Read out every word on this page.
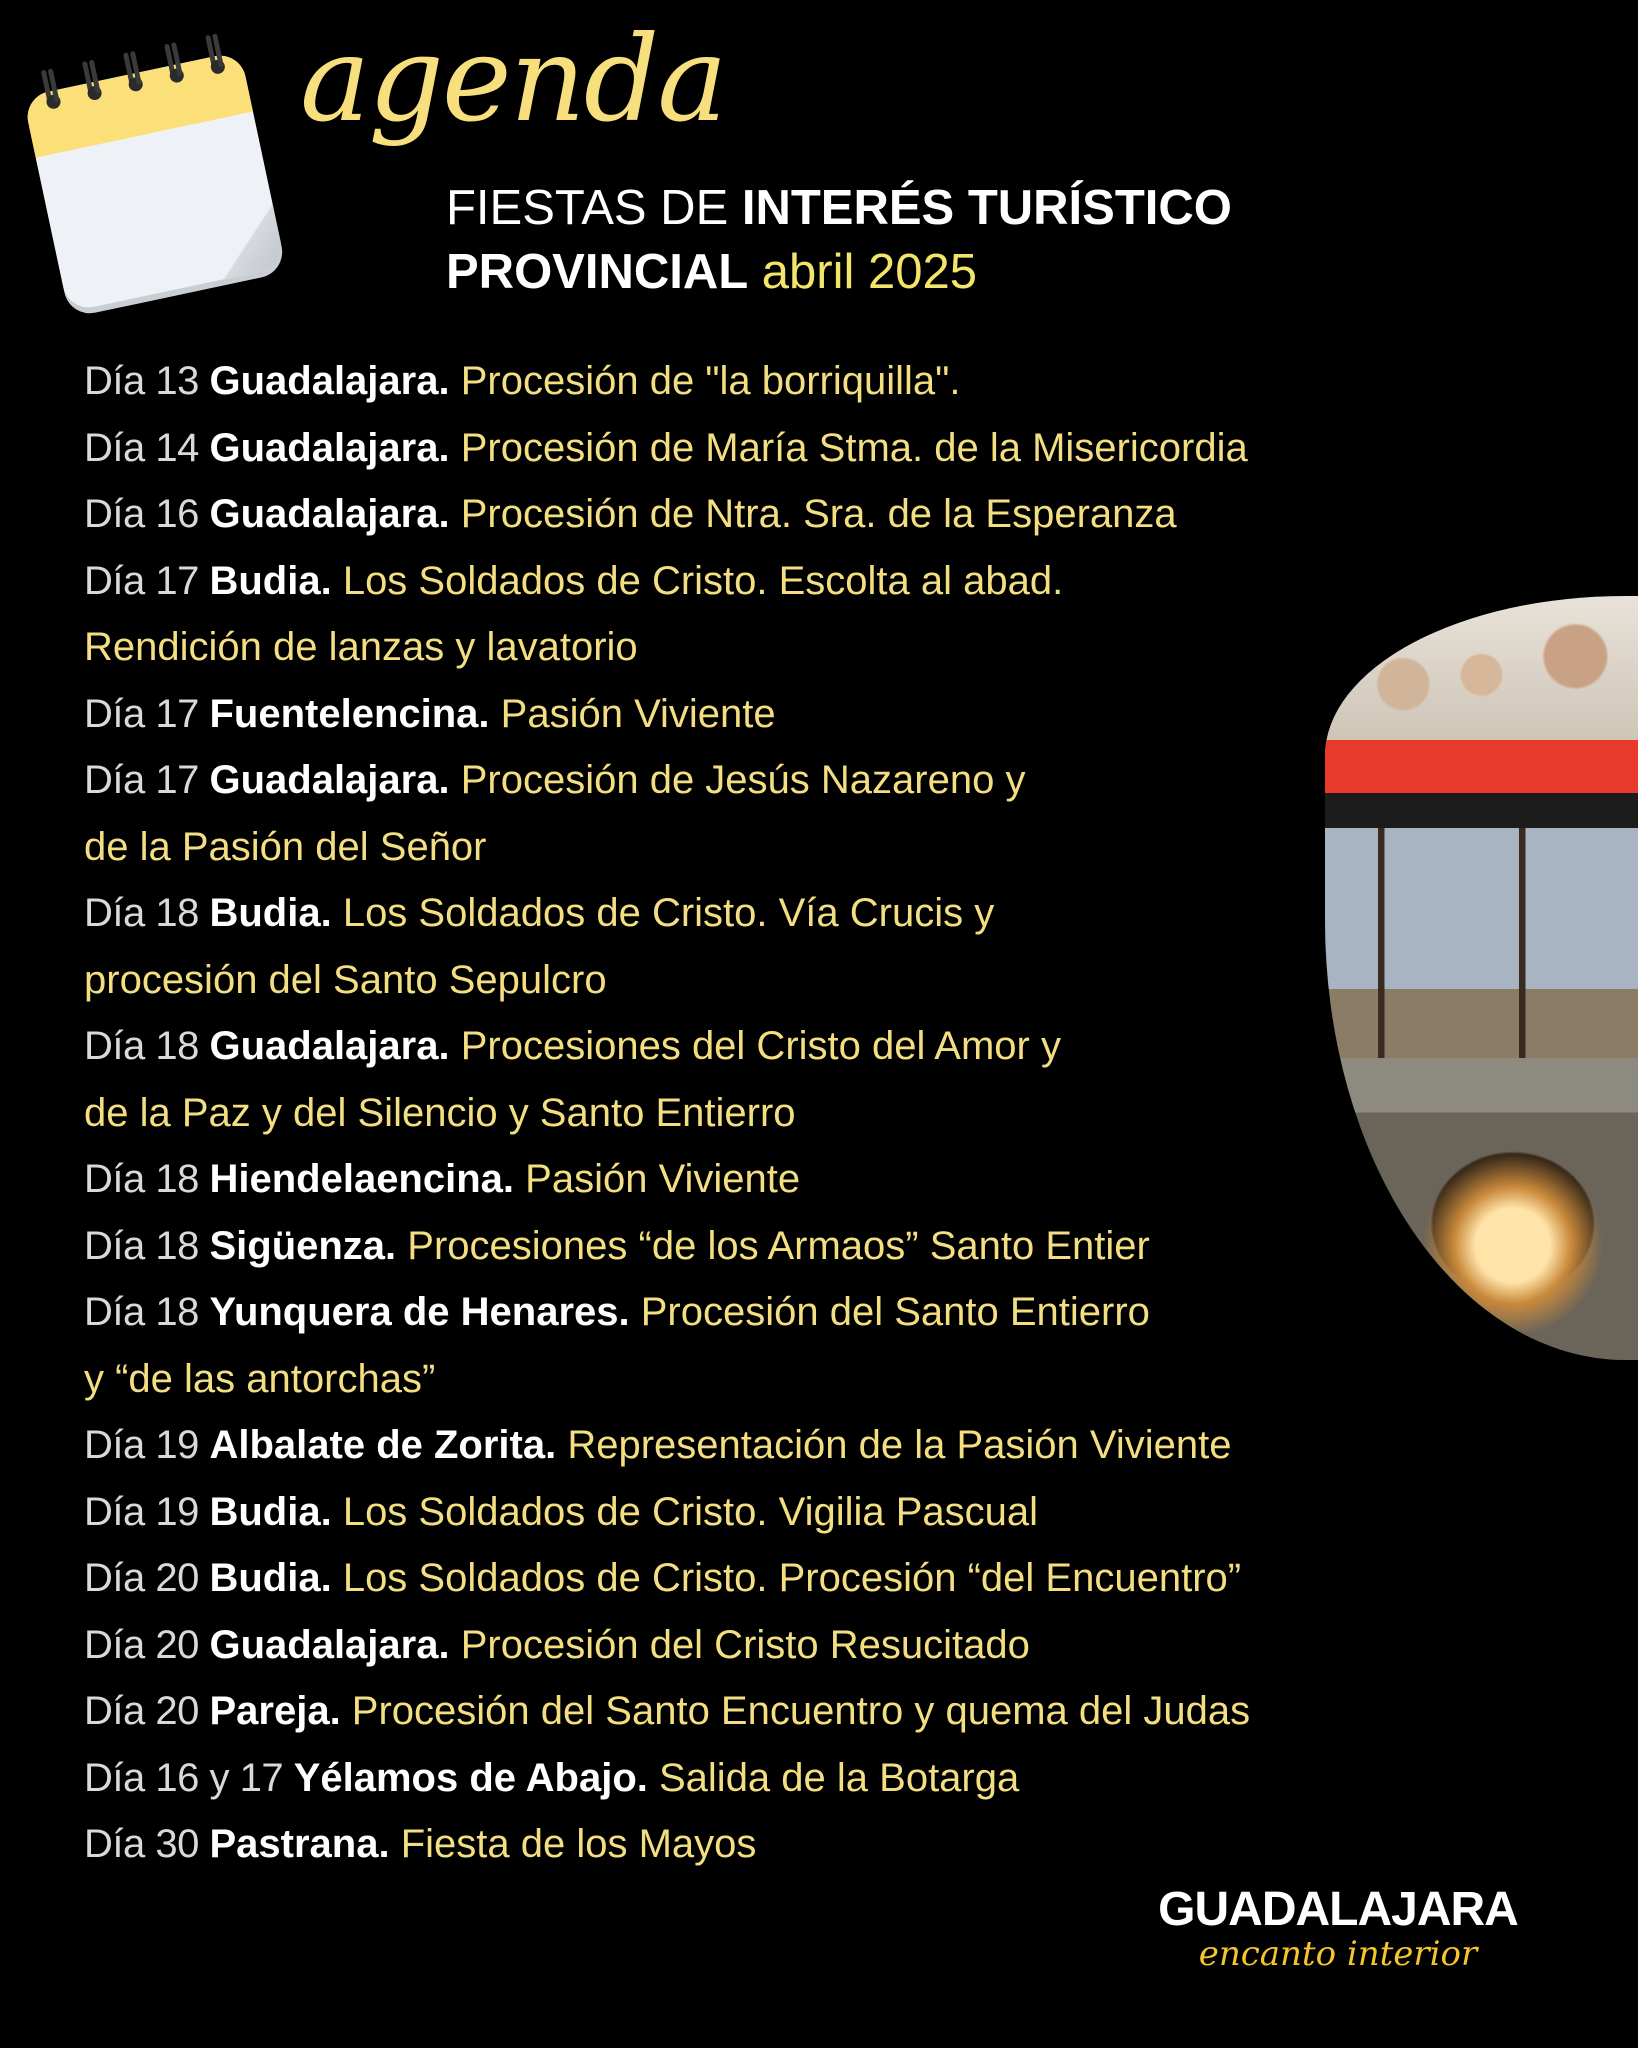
agenda
FIESTAS DE INTERÉS TURÍSTICO
PROVINCIAL abril 2025
Día 13 Guadalajara. Procesión de "la borriquilla".
Día 14 Guadalajara. Procesión de María Stma. de la Misericordia
Día 16 Guadalajara. Procesión de Ntra. Sra. de la Esperanza
Día 17 Budia. Los Soldados de Cristo. Escolta al abad.
Rendición de lanzas y lavatorio
Día 17 Fuentelencina. Pasión Viviente
Día 17 Guadalajara. Procesión de Jesús Nazareno y
de la Pasión del Señor
Día 18 Budia. Los Soldados de Cristo. Vía Crucis y
procesión del Santo Sepulcro
Día 18 Guadalajara. Procesiones del Cristo del Amor y
de la Paz y del Silencio y Santo Entierro
Día 18 Hiendelaencina. Pasión Viviente
Día 18 Sigüenza. Procesiones “de los Armaos” Santo Entier
Día 18 Yunquera de Henares. Procesión del Santo Entierro
y “de las antorchas”
Día 19 Albalate de Zorita. Representación de la Pasión Viviente
Día 19 Budia. Los Soldados de Cristo. Vigilia Pascual
Día 20 Budia. Los Soldados de Cristo. Procesión “del Encuentro”
Día 20 Guadalajara. Procesión del Cristo Resucitado
Día 20 Pareja. Procesión del Santo Encuentro y quema del Judas
Día 16 y 17 Yélamos de Abajo. Salida de la Botarga
Día 30 Pastrana. Fiesta de los Mayos
GUADALAJARA
encanto interior
